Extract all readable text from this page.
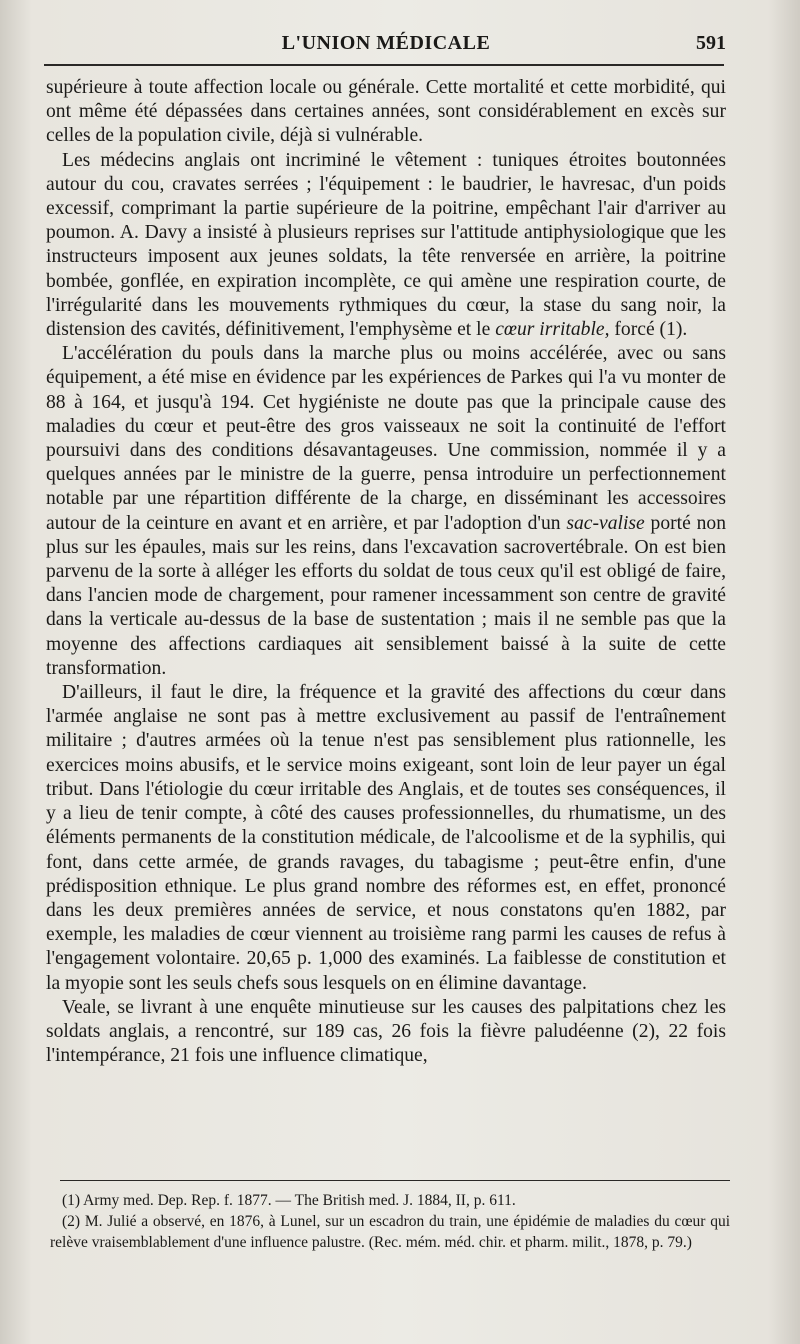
L'UNION MÉDICALE	591

supérieure à toute affection locale ou générale. Cette mortalité et cette morbidité, qui ont même été dépassées dans certaines années, sont considérablement en excès sur celles de la population civile, déjà si vulnérable.

Les médecins anglais ont incriminé le vêtement : tuniques étroites boutonnées autour du cou, cravates serrées ; l'équipement : le baudrier, le havresac, d'un poids excessif, comprimant la partie supérieure de la poitrine, empêchant l'air d'arriver au poumon. A. Davy a insisté à plusieurs reprises sur l'attitude antiphysiologique que les instructeurs imposent aux jeunes soldats, la tête renversée en arrière, la poitrine bombée, gonflée, en expiration incomplète, ce qui amène une respiration courte, de l'irrégularité dans les mouvements rythmiques du cœur, la stase du sang noir, la distension des cavités, définitivement, l'emphysème et le cœur irritable, forcé (1).

L'accélération du pouls dans la marche plus ou moins accélérée, avec ou sans équipement, a été mise en évidence par les expériences de Parkes qui l'a vu monter de 88 à 164, et jusqu'à 194. Cet hygiéniste ne doute pas que la principale cause des maladies du cœur et peut-être des gros vaisseaux ne soit la continuité de l'effort poursuivi dans des conditions désavantageuses. Une commission, nommée il y a quelques années par le ministre de la guerre, pensa introduire un perfectionnement notable par une répartition différente de la charge, en disséminant les accessoires autour de la ceinture en avant et en arrière, et par l'adoption d'un sac-valise porté non plus sur les épaules, mais sur les reins, dans l'excavation sacrovertébrale. On est bien parvenu de la sorte à alléger les efforts du soldat de tous ceux qu'il est obligé de faire, dans l'ancien mode de chargement, pour ramener incessamment son centre de gravité dans la verticale au-dessus de la base de sustentation ; mais il ne semble pas que la moyenne des affections cardiaques ait sensiblement baissé à la suite de cette transformation.

D'ailleurs, il faut le dire, la fréquence et la gravité des affections du cœur dans l'armée anglaise ne sont pas à mettre exclusivement au passif de l'entraînement militaire ; d'autres armées où la tenue n'est pas sensiblement plus rationnelle, les exercices moins abusifs, et le service moins exigeant, sont loin de leur payer un égal tribut. Dans l'étiologie du cœur irritable des Anglais, et de toutes ses conséquences, il y a lieu de tenir compte, à côté des causes professionnelles, du rhumatisme, un des éléments permanents de la constitution médicale, de l'alcoolisme et de la syphilis, qui font, dans cette armée, de grands ravages, du tabagisme ; peut-être enfin, d'une prédisposition ethnique. Le plus grand nombre des réformes est, en effet, prononcé dans les deux premières années de service, et nous constatons qu'en 1882, par exemple, les maladies de cœur viennent au troisième rang parmi les causes de refus à l'engagement volontaire. 20,65 p. 1,000 des examinés. La faiblesse de constitution et la myopie sont les seuls chefs sous lesquels on en élimine davantage.

Veale, se livrant à une enquête minutieuse sur les causes des palpitations chez les soldats anglais, a rencontré, sur 189 cas, 26 fois la fièvre paludéenne (2), 22 fois l'intempérance, 21 fois une influence climatique,

(1) Army med. Dep. Rep. f. 1877. — The British med. J. 1884, II, p. 611.

(2) M. Julié a observé, en 1876, à Lunel, sur un escadron du train, une épidémie de maladies du cœur qui relève vraisemblablement d'une influence palustre. (Rec. mém. méd. chir. et pharm. milit., 1878, p. 79.)
